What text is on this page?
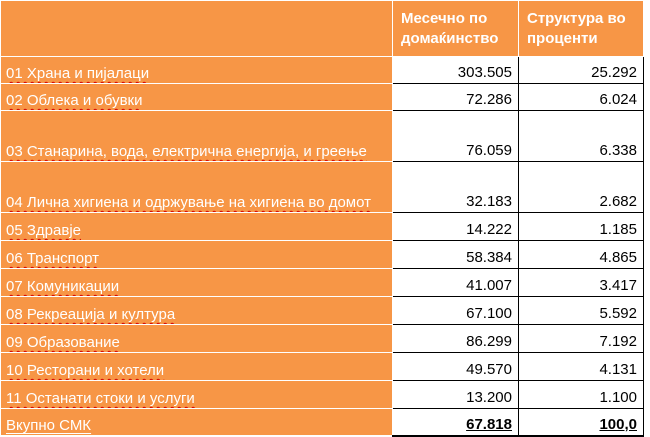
	Месечно по домаќинство	Структура во проценти
01 Храна и пијалаци	303.505	25.292
02 Облека и обувки	72.286	6.024
03 Станарина, вода, електрична енергија, и греење	76.059	6.338
04 Лична хигиена и одржување на хигиена во домот	32.183	2.682
05 Здравје	14.222	1.185
06 Транспорт	58.384	4.865
07 Комуникации	41.007	3.417
08 Рекреација и култура	67.100	5.592
09 Образование	86.299	7.192
10 Ресторани и хотели	49.570	4.131
11 Останати стоки и услуги	13.200	1.100
Вкупно СМК	67.818	100,0
